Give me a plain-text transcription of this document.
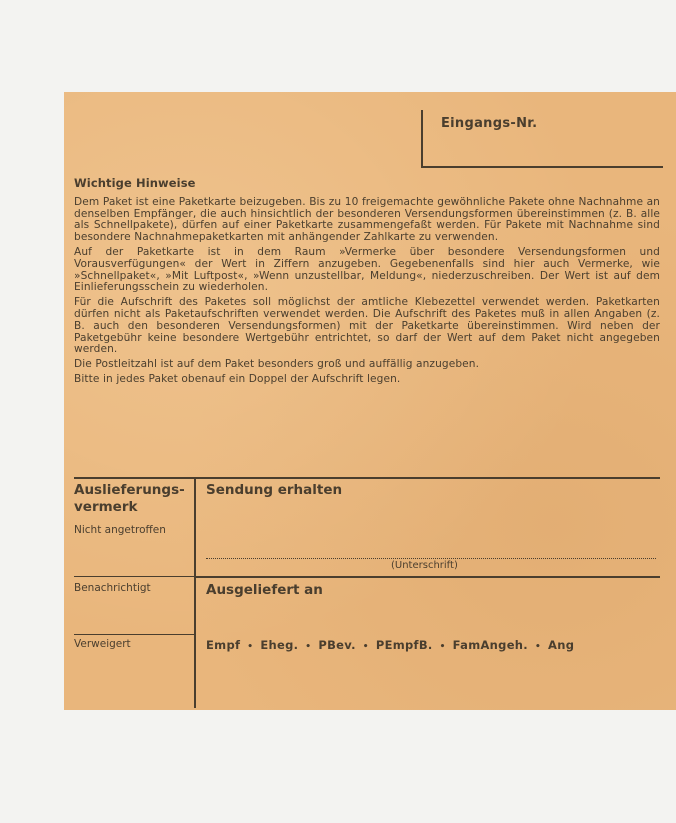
Eingangs-Nr.
Wichtige Hinweise

Dem Paket ist eine Paketkarte beizugeben. Bis zu 10 freigemachte gewöhnliche Pakete ohne Nachnahme an denselben Empfänger, die auch hinsichtlich der besonderen Versendungsformen übereinstimmen (z. B. alle als Schnellpakete), dürfen auf einer Paketkarte zusammengefaßt werden. Für Pakete mit Nachnahme sind besondere Nachnahmepaketkarten mit anhängender Zahlkarte zu verwenden.

Auf der Paketkarte ist in dem Raum »Vermerke über besondere Versendungsformen und Vorausverfügungen« der Wert in Ziffern anzugeben. Gegebenenfalls sind hier auch Vermerke, wie »Schnellpaket«, »Mit Luftpost«, »Wenn unzustellbar, Meldung«, niederzuschreiben. Der Wert ist auf dem Einlieferungsschein zu wiederholen.

Für die Aufschrift des Paketes soll möglichst der amtliche Klebezettel verwendet werden. Paketkarten dürfen nicht als Paketaufschriften verwendet werden. Die Aufschrift des Paketes muß in allen Angaben (z. B. auch den besonderen Versendungsformen) mit der Paketkarte übereinstimmen. Wird neben der Paketgebühr keine besondere Wertgebühr entrichtet, so darf der Wert auf dem Paket nicht angegeben werden.

Die Postleitzahl ist auf dem Paket besonders groß und auffällig anzugeben.

Bitte in jedes Paket obenauf ein Doppel der Aufschrift legen.

Auslieferungs-
vermerk
Nicht angetroffen
Benachrichtigt
Verweigert
Sendung erhalten
(Unterschrift)
Ausgeliefert an
Empf • Eheg. • PBev. • PEmpfB. • FamAngeh. • Ang
